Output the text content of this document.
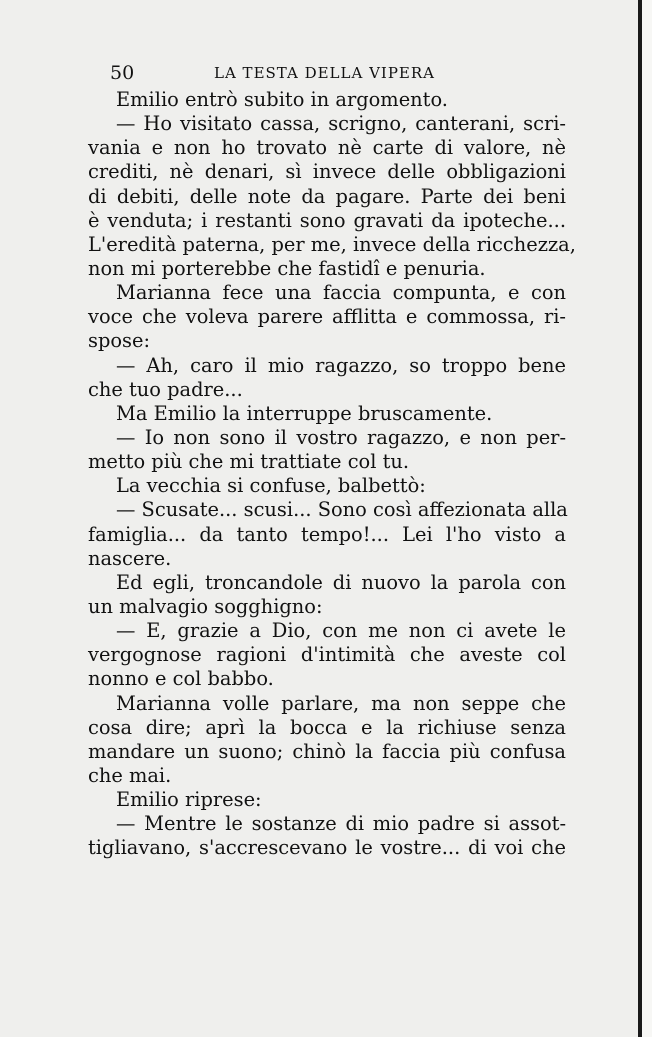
50	LA TESTA DELLA VIPERA
Emilio entrò subito in argomento.
— Ho visitato cassa, scrigno, canterani, scri-
vania e non ho trovato nè carte di valore, nè
crediti, nè denari, sì invece delle obbligazioni
di debiti, delle note da pagare. Parte dei beni
è venduta; i restanti sono gravati da ipoteche...
L'eredità paterna, per me, invece della ricchezza,
non mi porterebbe che fastidî e penuria.
Marianna fece una faccia compunta, e con
voce che voleva parere afflitta e commossa, ri-
spose:
— Ah, caro il mio ragazzo, so troppo bene
che tuo padre...
Ma Emilio la interruppe bruscamente.
— Io non sono il vostro ragazzo, e non per-
metto più che mi trattiate col tu.
La vecchia si confuse, balbettò:
— Scusate... scusi... Sono così affezionata alla
famiglia... da tanto tempo!... Lei l'ho visto a
nascere.
Ed egli, troncandole di nuovo la parola con
un malvagio sogghigno:
— E, grazie a Dio, con me non ci avete le
vergognose ragioni d'intimità che aveste col
nonno e col babbo.
Marianna volle parlare, ma non seppe che
cosa dire; aprì la bocca e la richiuse senza
mandare un suono; chinò la faccia più confusa
che mai.
Emilio riprese:
— Mentre le sostanze di mio padre si assot-
tigliavano, s'accrescevano le vostre... di voi che
